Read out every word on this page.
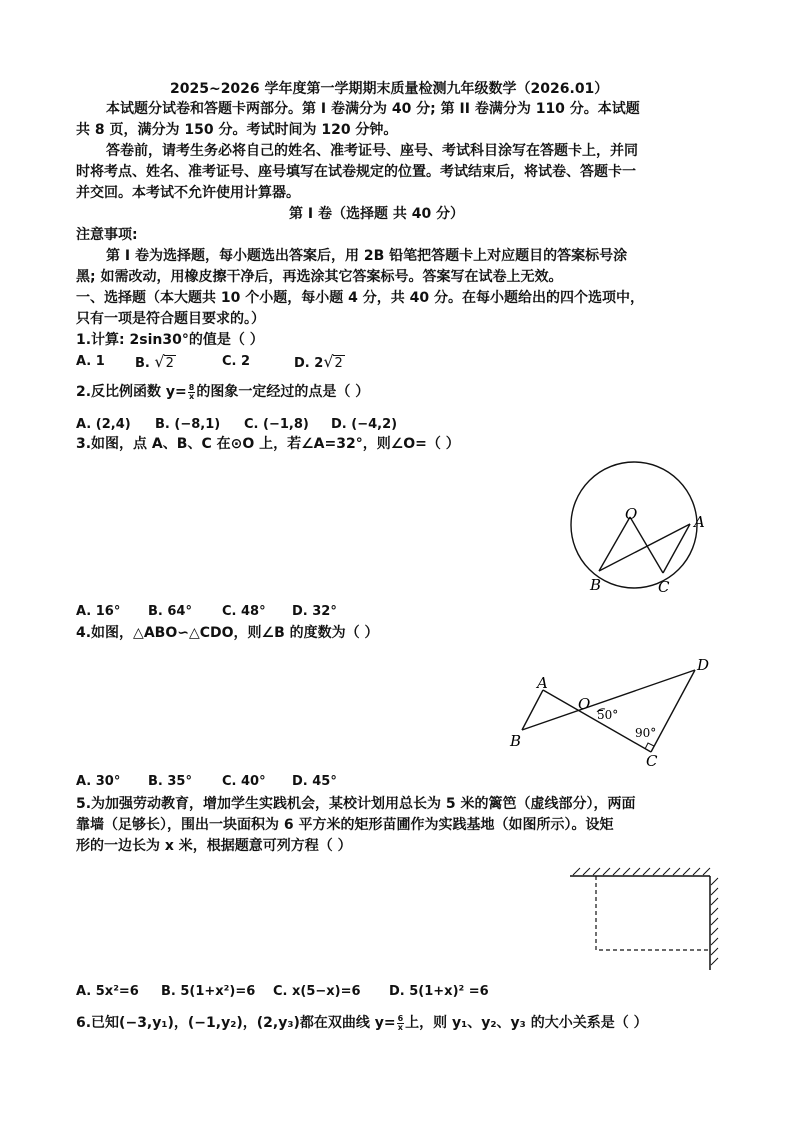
2025~2026 学年度第一学期期末质量检测九年级数学（2026.01）
本试题分试卷和答题卡两部分。第 I 卷满分为 40 分; 第 II 卷满分为 110 分。本试题
共 8 页，满分为 150 分。考试时间为 120 分钟。
答卷前，请考生务必将自己的姓名、准考证号、座号、考试科目涂写在答题卡上，并同
时将考点、姓名、准考证号、座号填写在试卷规定的位置。考试结束后，将试卷、答题卡一
并交回。本考试不允许使用计算器。
第 Ⅰ 卷（选择题 共 40 分）
注意事项:
第 I 卷为选择题，每小题选出答案后，用 2B 铅笔把答题卡上对应题目的答案标号涂
黑; 如需改动，用橡皮擦干净后，再选涂其它答案标号。答案写在试卷上无效。
一、选择题（本大题共 10 个小题，每小题 4 分，共 40 分。在每小题给出的四个选项中，
只有一项是符合题目要求的。）
1.计算: 2sin30°的值是（ ）
A. 1 B. √2	C. 2	D. 2√2
2.反比例函数 $y= \frac{8}{x}$ 的图象一定经过的点是（ ）
A. (2,4) B. (−8,1) C. (−1,8) D. (−4,2)
3.如图，点 A、B、C 在⊙O 上，若∠A=32°，则∠O=（ ）
O	A
B	C
A. 16° B. 64° C. 48° D. 32°
4.如图，△ABO∽△CDO，则∠B 的度数为（ ）
A
B
O
C
D
50°
90°
A. 30° B. 35° C. 40° D. 45°
5.为加强劳动教育，增加学生实践机会，某校计划用总长为 5 米的篱笆（虚线部分），两面
靠墙（足够长），围出一块面积为 6 平方米的矩形苗圃作为实践基地（如图所示）。设矩
形的一边长为 x 米，根据题意可列方程（ ）
A. 5x²=6 B. 5(1+x²)=6 C. x(5−x)=6 D. 5(1+x)² =6
6.已知(−3,y₁)，(−1,y₂)，(2,y₃)都在双曲线 $y= \frac{6}{x}$ 上，则 y₁、y₂、y₃ 的大小关系是（ ）
